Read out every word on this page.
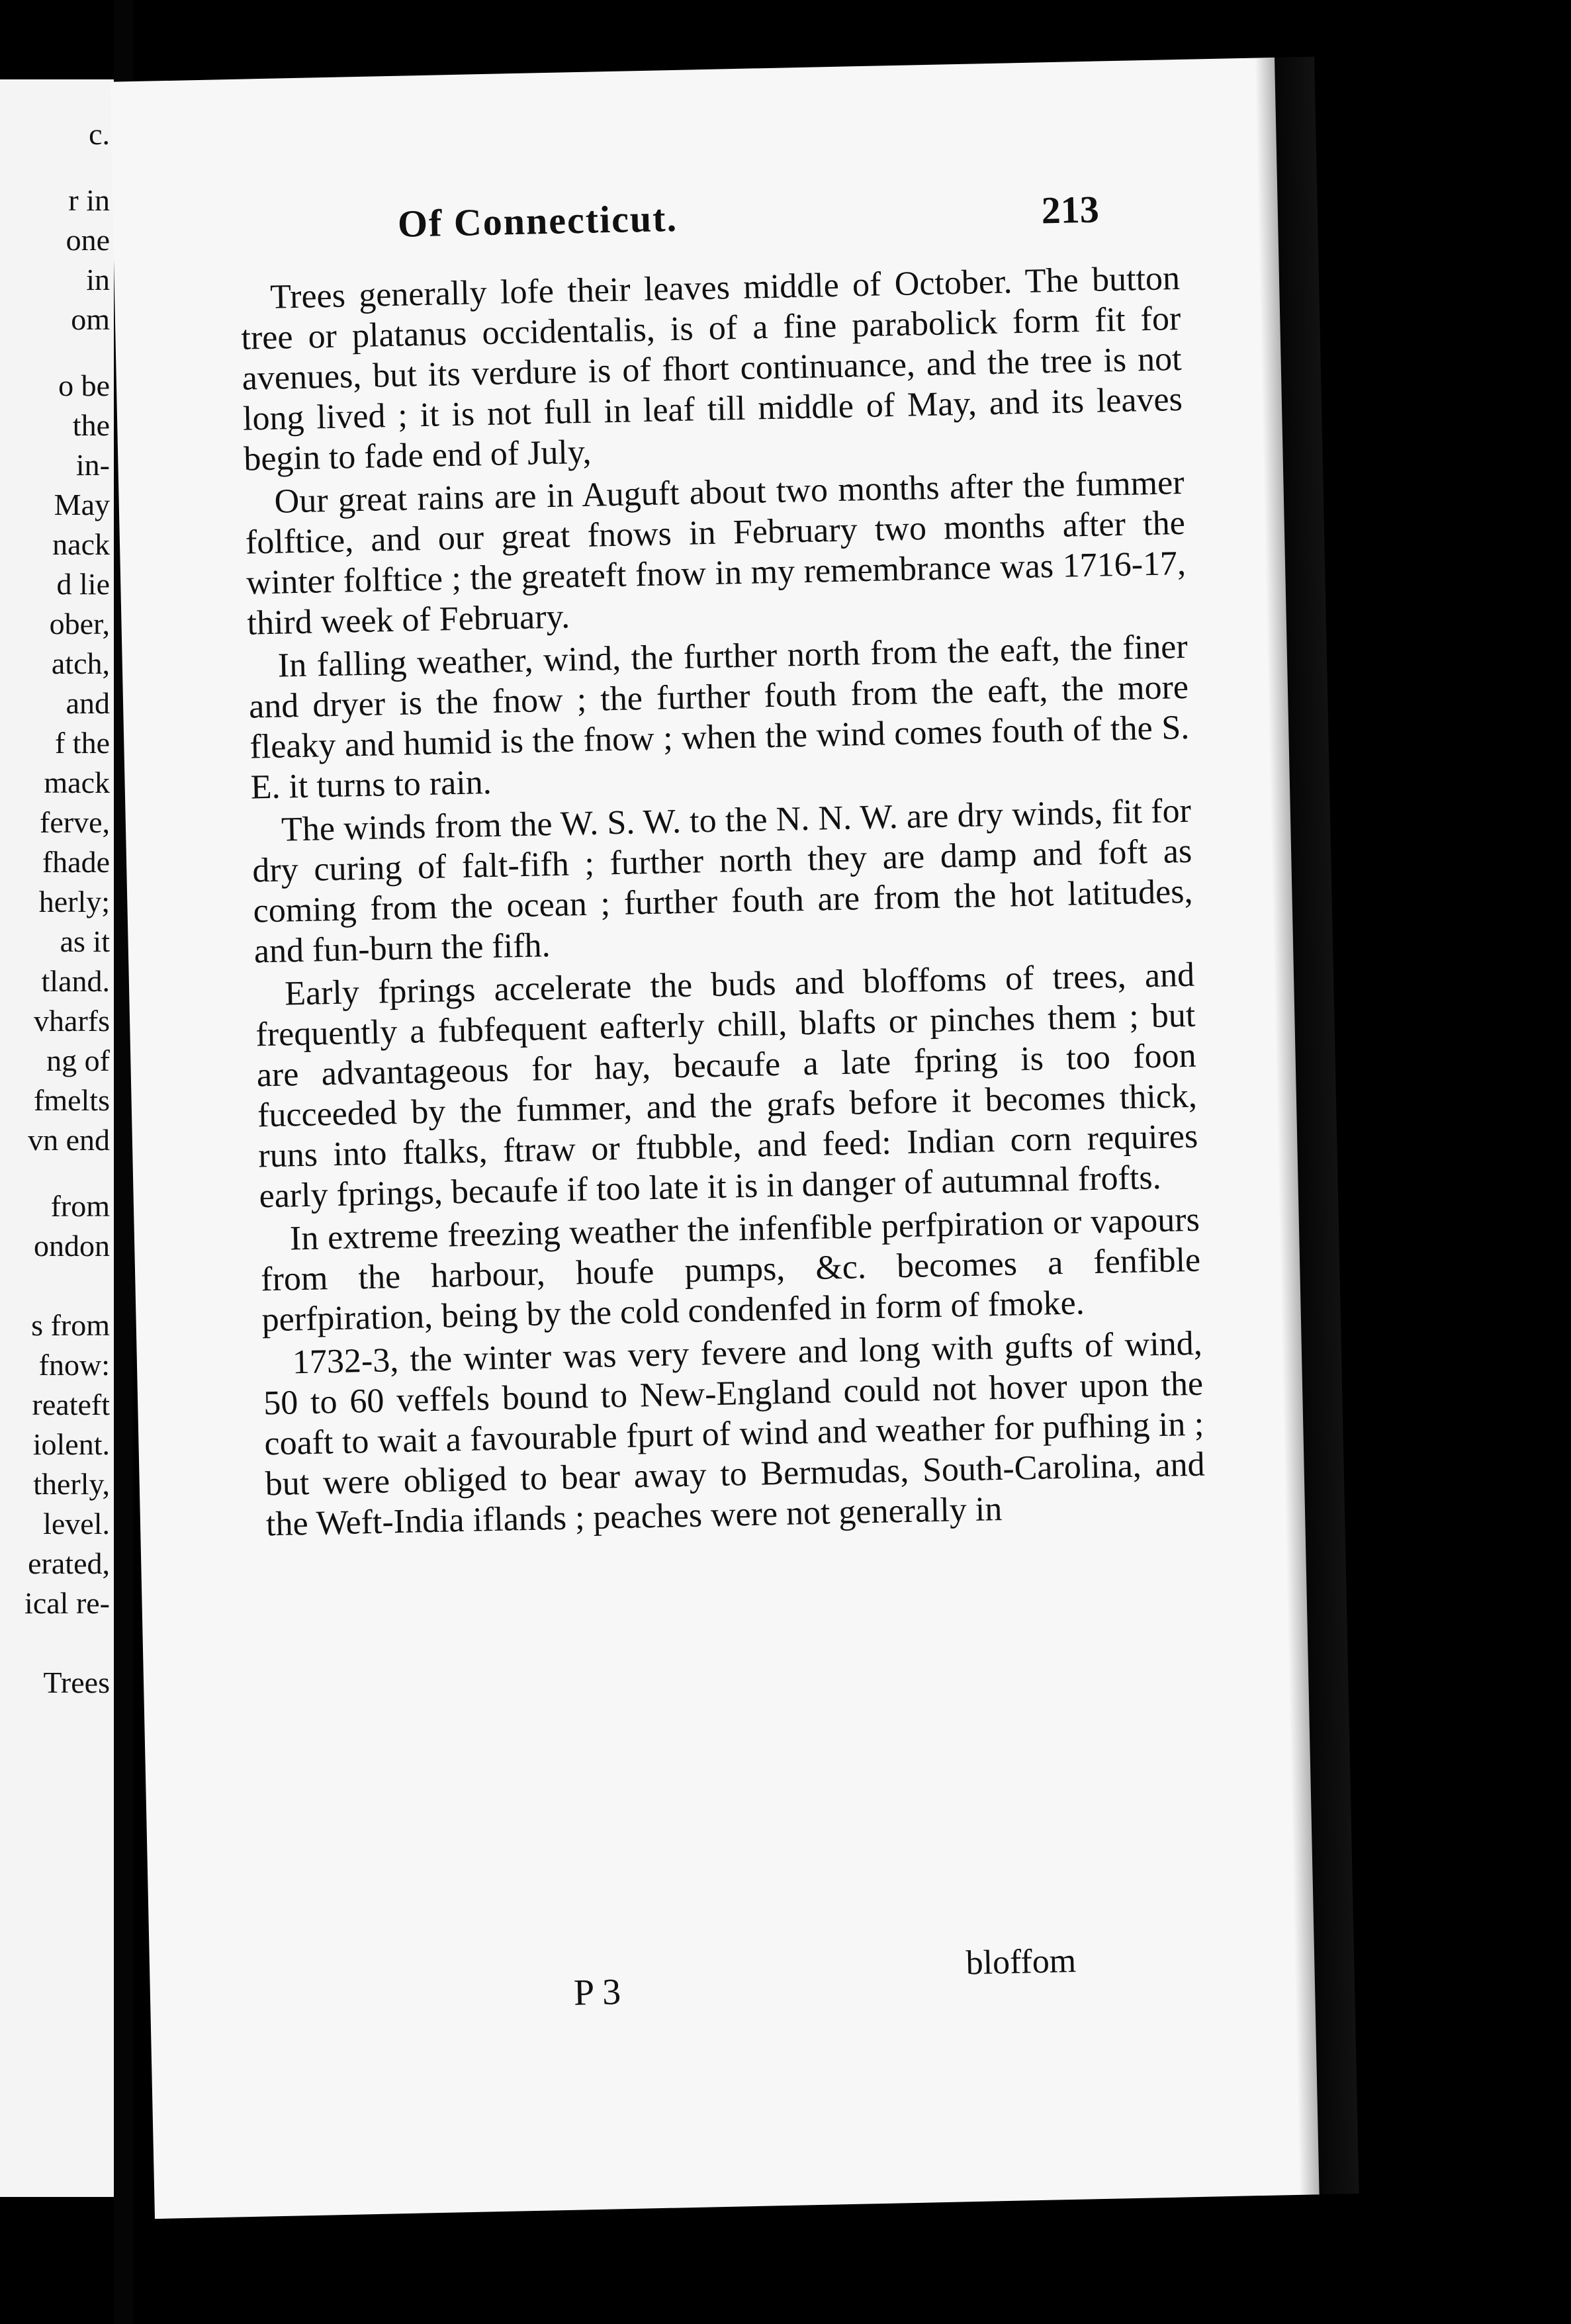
c.
r in
one
in
om
o be
the
in-
May
nack
d lie
ober,
atch,
and
f the
mack
ferve,
fhade
herly;
as it
tland.
vharfs
ng of
fmelts
vn end
from
ondon
s from
fnow:
reateft
iolent.
therly,
level.
erated,
ical re-
Trees
Of Connecticut.	213

Trees generally lofe their leaves middle of October. The button tree or platanus occidentalis, is of a fine parabolick form fit for avenues, but its verdure is of fhort continuance, and the tree is not long lived ; it is not full in leaf till middle of May, and its leaves begin to fade end of July,

Our great rains are in Auguft about two months after the fummer folftice, and our great fnows in February two months after the winter folftice ; the greateft fnow in my remembrance was 1716-17, third week of February.

In falling weather, wind, the further north from the eaft, the finer and dryer is the fnow ; the further fouth from the eaft, the more fleaky and humid is the fnow ; when the wind comes fouth of the S. E. it turns to rain.

The winds from the W. S. W. to the N. N. W. are dry winds, fit for dry curing of falt-fifh ; further north they are damp and foft as coming from the ocean ; further fouth are from the hot latitudes, and fun-burn the fifh.

Early fprings accelerate the buds and bloffoms of trees, and frequently a fubfequent eafterly chill, blafts or pinches them ; but are advantageous for hay, becaufe a late fpring is too foon fucceeded by the fummer, and the grafs before it becomes thick, runs into ftalks, ftraw or ftubble, and feed: Indian corn requires early fprings, becaufe if too late it is in danger of autumnal frofts.

In extreme freezing weather the infenfible perfpiration or vapours from the harbour, houfe pumps, &c. becomes a fenfible perfpiration, being by the cold condenfed in form of fmoke.

1732-3, the winter was very fevere and long with gufts of wind, 50 to 60 veffels bound to New-England could not hover upon the coaft to wait a favourable fpurt of wind and weather for pufhing in ; but were obliged to bear away to Bermudas, South-Carolina, and the Weft-India iflands ; peaches were not generally in

P 3
bloffom
